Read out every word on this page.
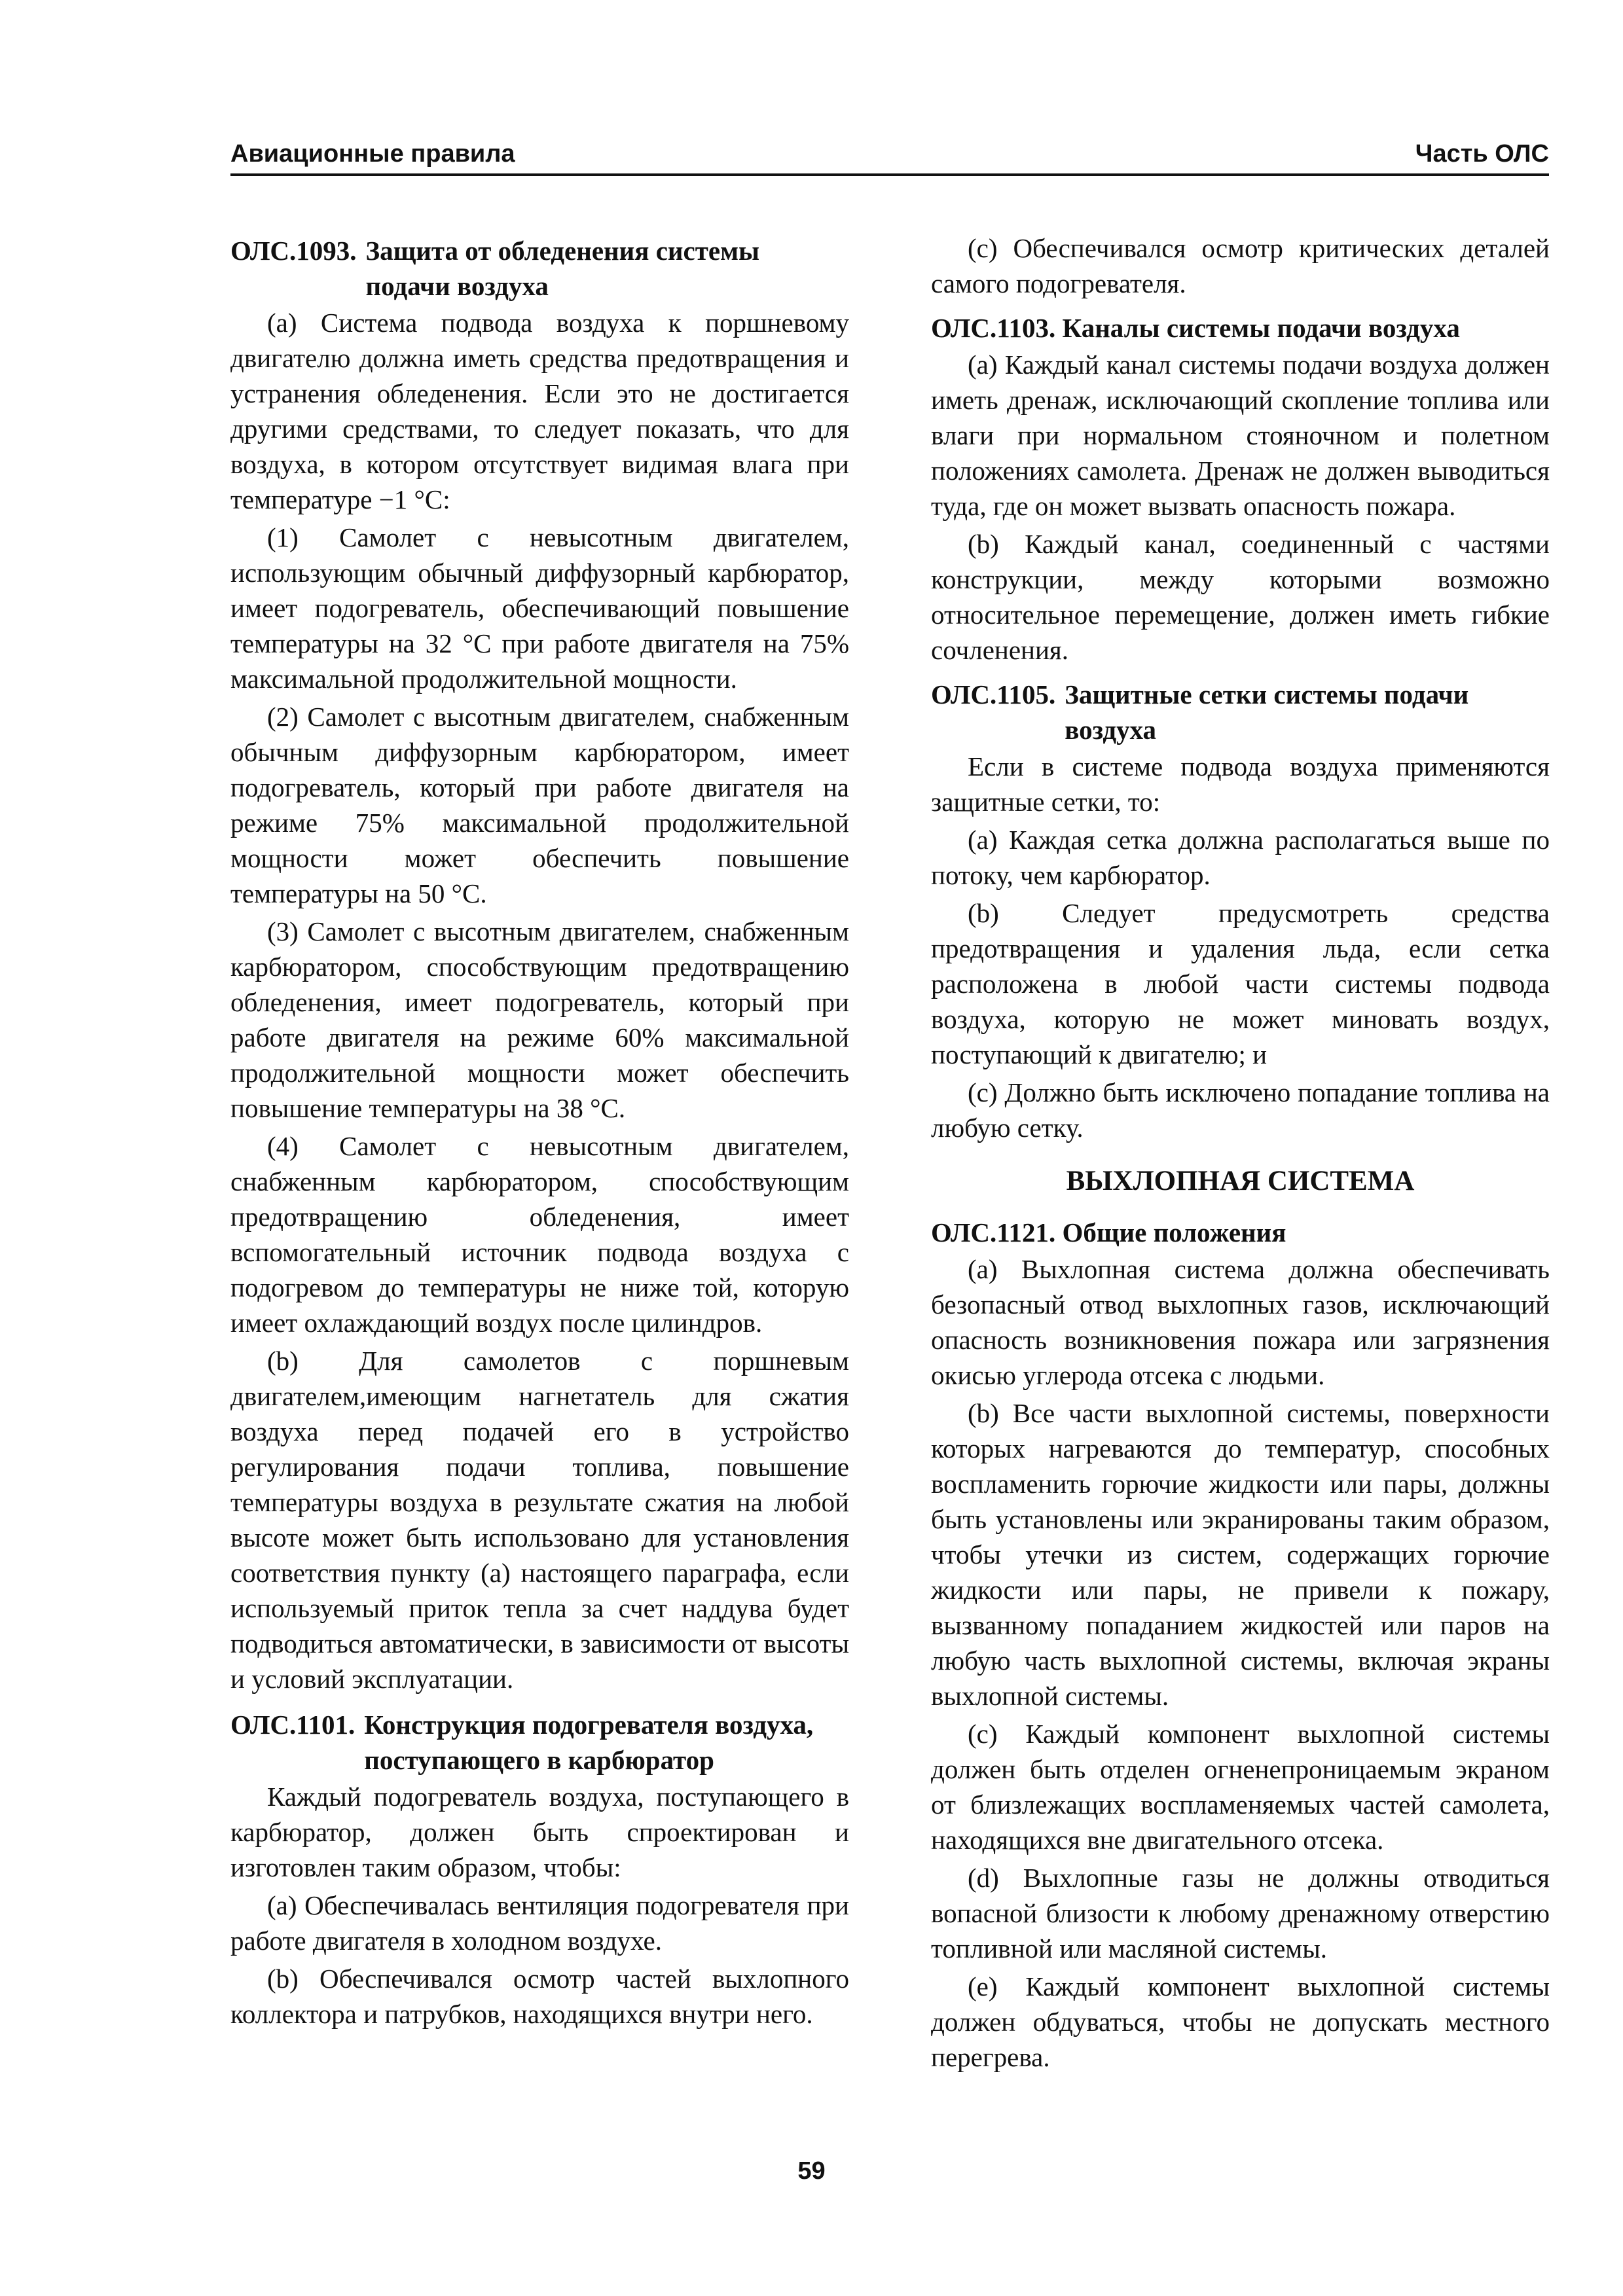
Авиационные правила	Часть ОЛС
ОЛС.1093. Защита от обледенения системы подачи воздуха

(a) Система подвода воздуха к поршневому двигателю должна иметь средства предотвращения и устранения обледенения. Если это не достигается другими средствами, то следует показать, что для воздуха, в котором отсутствует видимая влага при температуре −1 °С:

(1) Самолет с невысотным двигателем, использующим обычный диффузорный карбюратор, имеет подогреватель, обеспечивающий повышение температуры на 32 °С при работе двигателя на 75% максимальной продолжительной мощности.

(2) Самолет с высотным двигателем, снабженным обычным диффузорным карбюратором, имеет подогреватель, который при работе двигателя на режиме 75% максимальной продолжительной мощности может обеспечить повышение температуры на 50 °С.

(3) Самолет с высотным двигателем, снабженным карбюратором, способствующим предотвращению обледенения, имеет подогреватель, который при работе двигателя на режиме 60% максимальной продолжительной мощности может обеспечить повышение температуры на 38 °С.

(4) Самолет с невысотным двигателем, снабженным карбюратором, способствующим предотвращению обледенения, имеет вспомогательный источник подвода воздуха с подогревом до температуры не ниже той, которую имеет охлаждающий воздух после цилиндров.

(b) Для самолетов с поршневым двигателем,имеющим нагнетатель для сжатия воздуха перед подачей его в устройство регулирования подачи топлива, повышение температуры воздуха в результате сжатия на любой высоте может быть использовано для установления соответствия пункту (a) настоящего параграфа, если используемый приток тепла за счет наддува будет подводиться автоматически, в зависимости от высоты и условий эксплуатации.

ОЛС.1101. Конструкция подогревателя воздуха, поступающего в карбюратор

Каждый подогреватель воздуха, поступающего в карбюратор, должен быть спроектирован и изготовлен таким образом, чтобы:

(a) Обеспечивалась вентиляция подогревателя при работе двигателя в холодном воздухе.

(b) Обеспечивался осмотр частей выхлопного коллектора и патрубков, находящихся внутри него.

(c) Обеспечивался осмотр критических деталей самого подогревателя.

ОЛС.1103. Каналы системы подачи воздуха

(a) Каждый канал системы подачи воздуха должен иметь дренаж, исключающий скопление топлива или влаги при нормальном стояночном и полетном положениях самолета. Дренаж не должен выводиться туда, где он может вызвать опасность пожара.

(b) Каждый канал, соединенный с частями конструкции, между которыми возможно относительное перемещение, должен иметь гибкие сочленения.

ОЛС.1105. Защитные сетки системы подачи воздуха

Если в системе подвода воздуха применяются защитные сетки, то:

(a) Каждая сетка должна располагаться выше по потоку, чем карбюратор.

(b) Следует предусмотреть средства предотвращения и удаления льда, если сетка расположена в любой части системы подвода воздуха, которую не может миновать воздух, поступающий к двигателю; и

(c) Должно быть исключено попадание топлива на любую сетку.

ВЫХЛОПНАЯ СИСТЕМА
ОЛС.1121. Общие положения

(a) Выхлопная система должна обеспечивать безопасный отвод выхлопных газов, исключающий опасность возникновения пожара или загрязнения окисью углерода отсека с людьми.

(b) Все части выхлопной системы, поверхности которых нагреваются до температур, способных воспламенить горючие жидкости или пары, должны быть установлены или экранированы таким образом, чтобы утечки из систем, содержащих горючие жидкости или пары, не привели к пожару, вызванному попаданием жидкостей или паров на любую часть выхлопной системы, включая экраны выхлопной системы.

(c) Каждый компонент выхлопной системы должен быть отделен огненепроницаемым экраном от близлежащих воспламеняемых частей самолета, находящихся вне двигательного отсека.

(d) Выхлопные газы не должны отводиться вопасной близости к любому дренажному отверстию топливной или масляной системы.

(e) Каждый компонент выхлопной системы должен обдуваться, чтобы не допускать местного перегрева.

59
